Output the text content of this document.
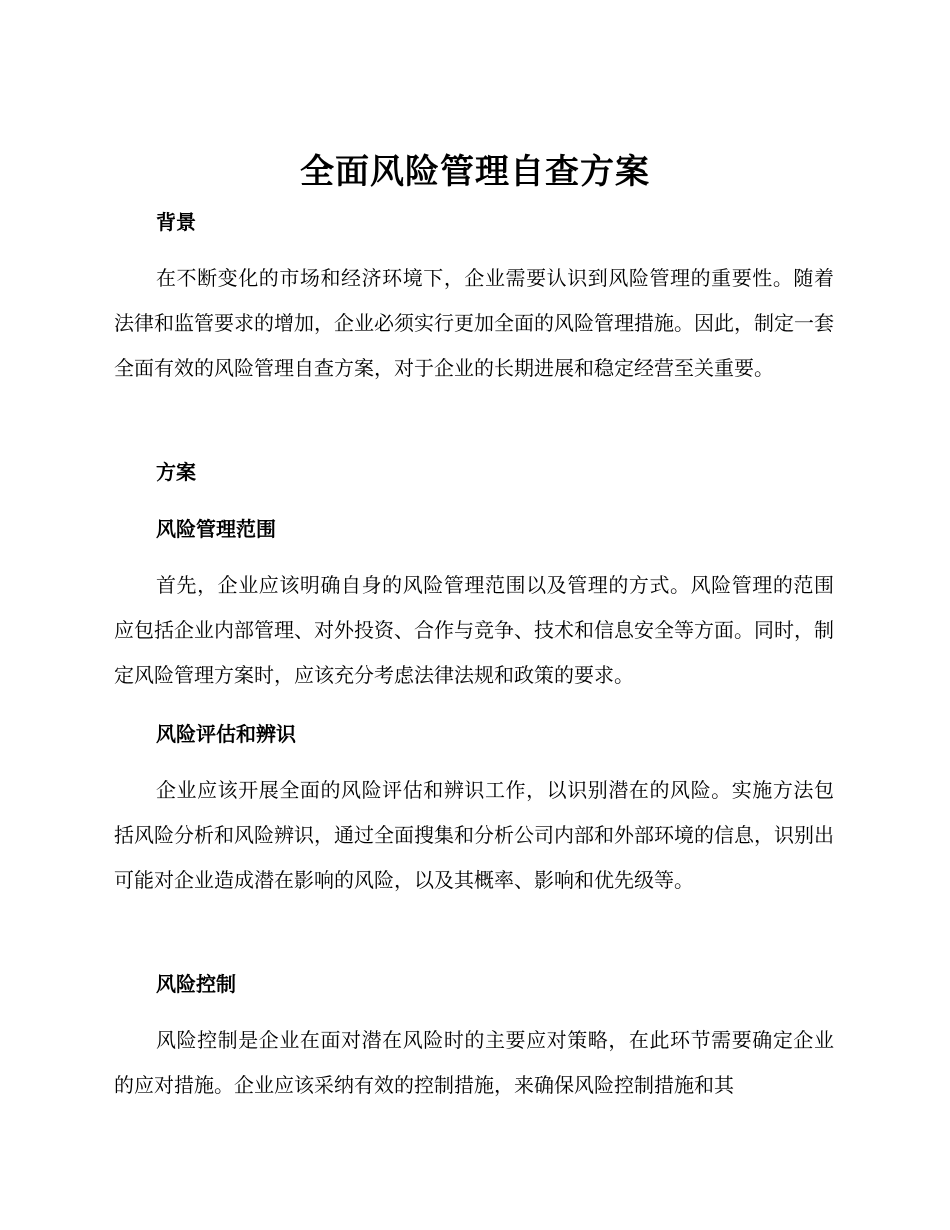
全面风险管理自查方案
背景

在不断变化的市场和经济环境下，企业需要认识到风险管理的重要性。随着法律和监管要求的增加，企业必须实行更加全面的风险管理措施。因此，制定一套全面有效的风险管理自查方案，对于企业的长期进展和稳定经营至关重要。

方案
风险管理范围

首先，企业应该明确自身的风险管理范围以及管理的方式。风险管理的范围应包括企业内部管理、对外投资、合作与竞争、技术和信息安全等方面。同时，制定风险管理方案时，应该充分考虑法律法规和政策的要求。

风险评估和辨识

企业应该开展全面的风险评估和辨识工作，以识别潜在的风险。实施方法包括风险分析和风险辨识，通过全面搜集和分析公司内部和外部环境的信息，识别出可能对企业造成潜在影响的风险，以及其概率、影响和优先级等。

风险控制

风险控制是企业在面对潜在风险时的主要应对策略，在此环节需要确定企业的应对措施。企业应该采纳有效的控制措施，来确保风险控制措施和其
